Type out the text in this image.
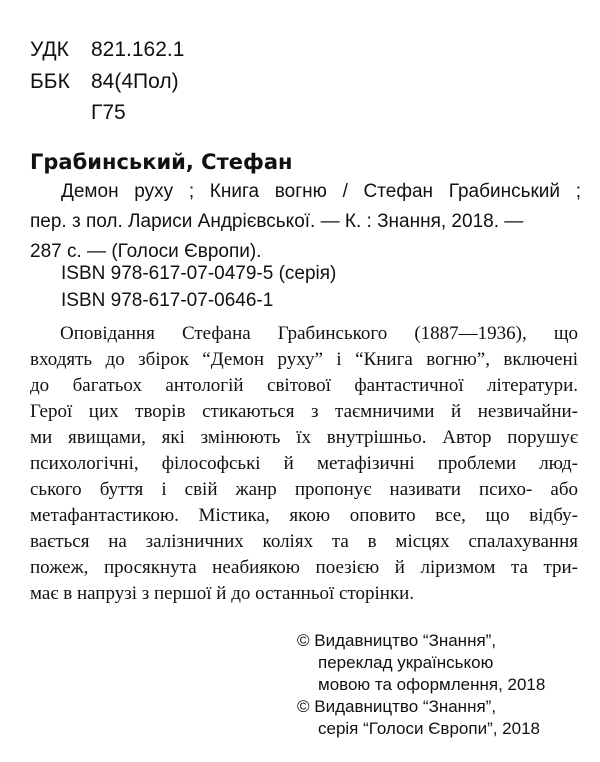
УДК 821.162.1
ББК 84(4Пол)
Г75
Грабинський, Стефан
Демон руху ; Книга вогню / Стефан Грабинський ;
пер. з пол. Лариси Андрієвської. — К. : Знання, 2018. —
287 с. — (Голоси Європи).
ISBN 978-617-07-0479-5 (серія)
ISBN 978-617-07-0646-1
Оповідання Стефана Грабинського (1887—1936), що
входять до збірок “Демон руху” і “Книга вогню”, включені
до багатьох антологій світової фантастичної літератури.
Герої цих творів стикаються з таємничими й незвичайни-
ми явищами, які змінюють їх внутрішньо. Автор порушує
психологічні, філософські й метафізичні проблеми люд-
ського буття і свій жанр пропонує називати психо- або
метафантастикою. Містика, якою оповито все, що відбу-
вається на залізничних коліях та в місцях спалахування
пожеж, просякнута неабиякою поезією й ліризмом та три-
має в напрузі з першої й до останньої сторінки.
© Видавництво “Знання”,
переклад українською
мовою та оформлення, 2018
© Видавництво “Знання”,
серія “Голоси Європи”, 2018
